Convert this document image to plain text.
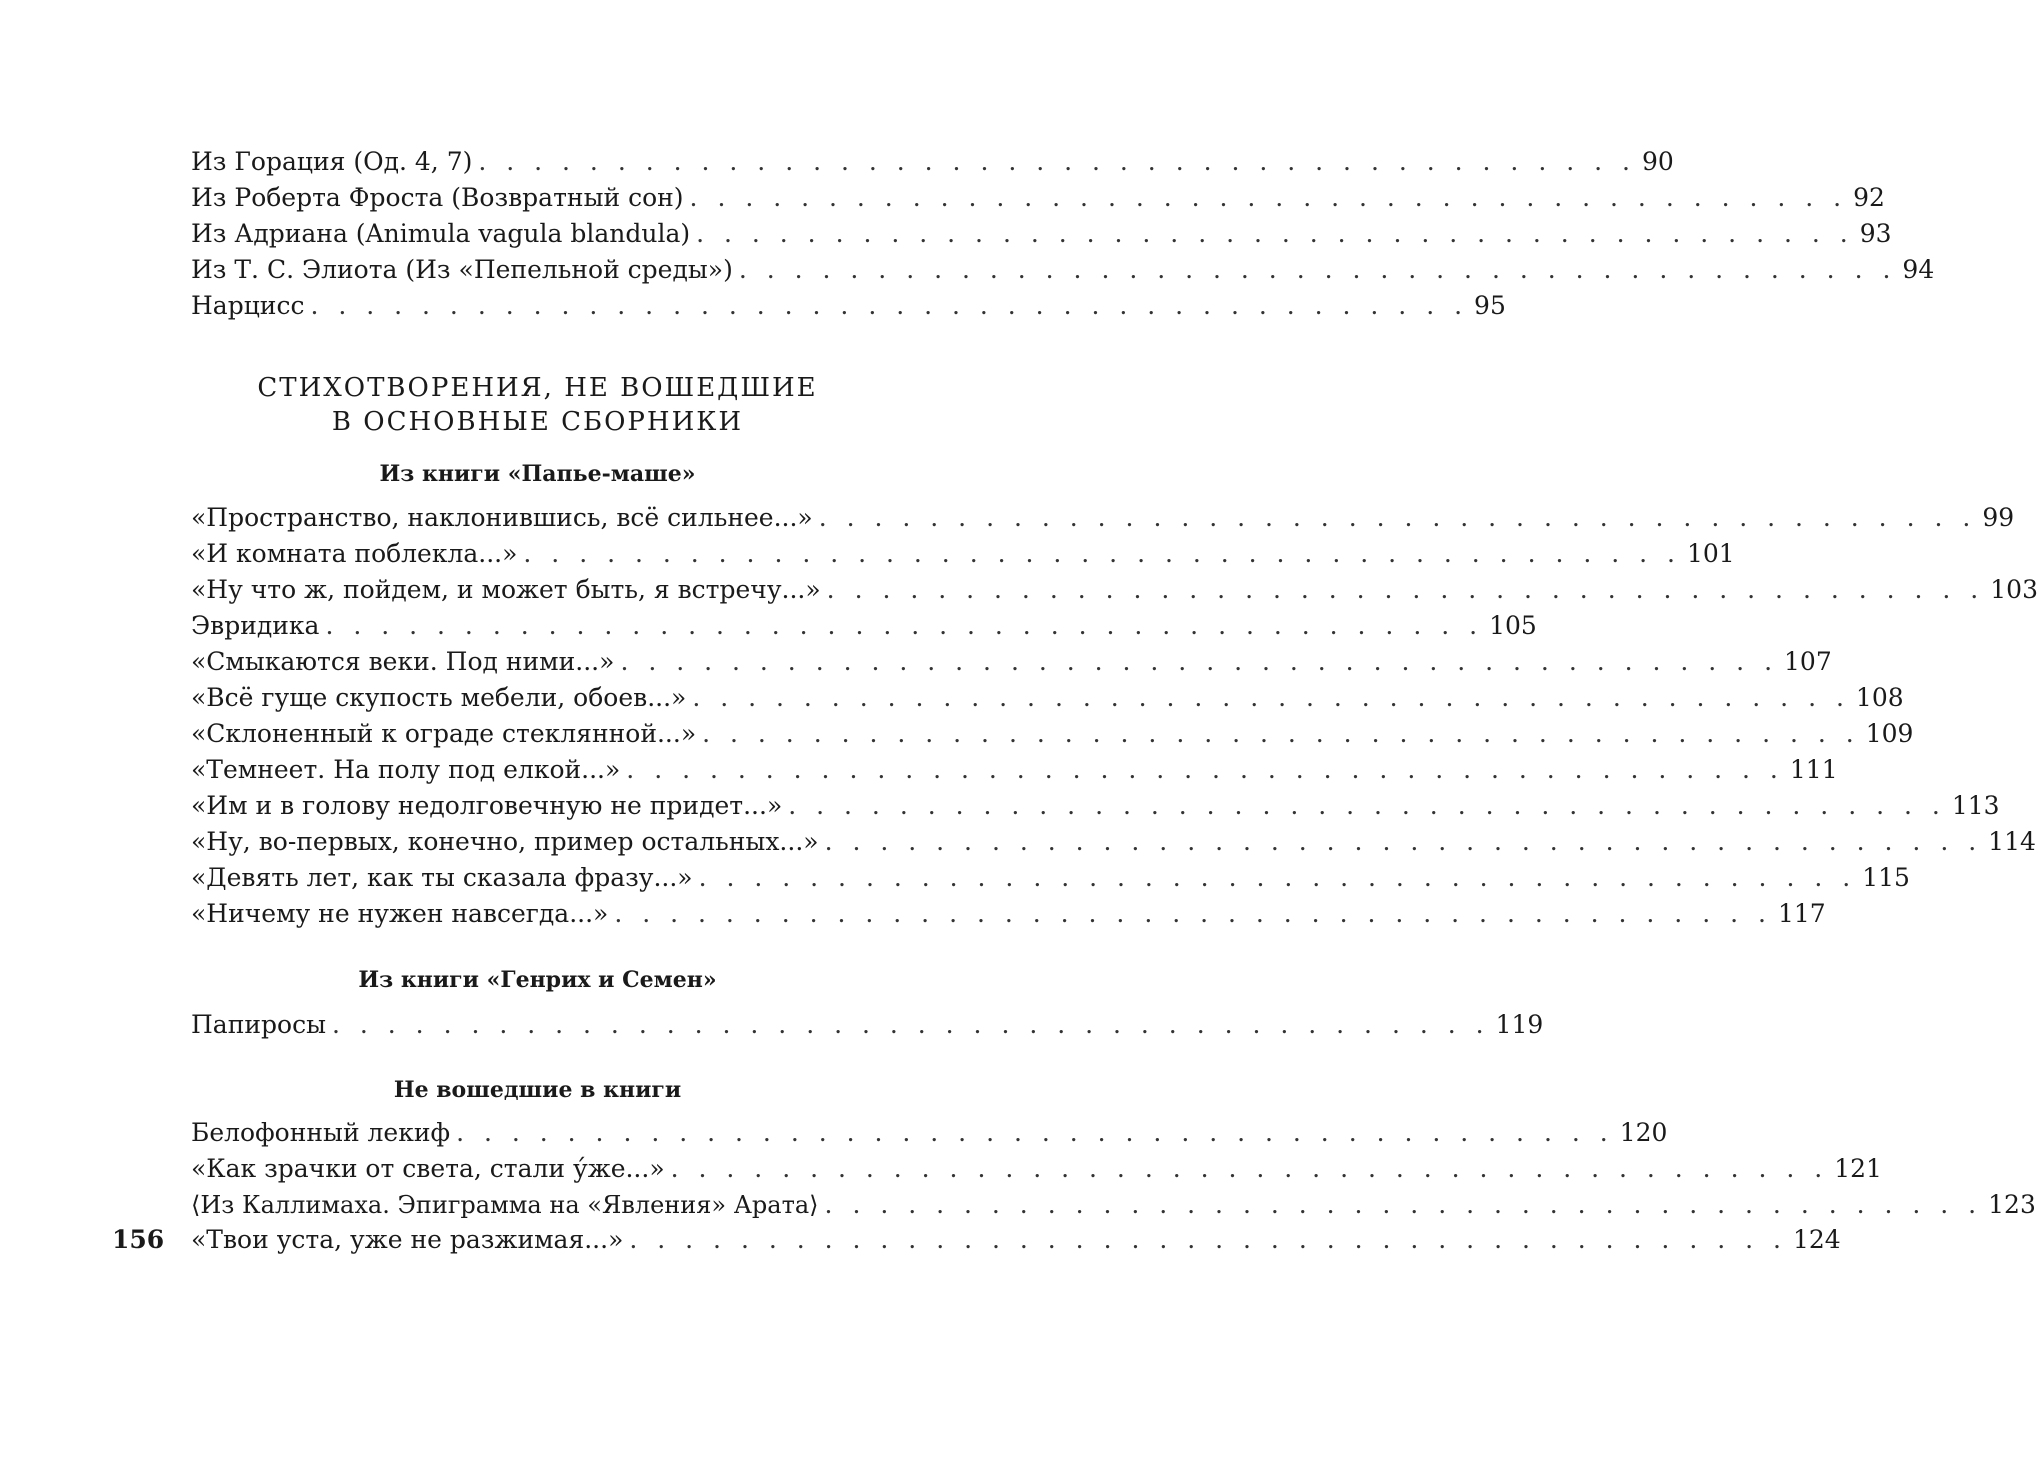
Из Горация (Од. 4, 7) . . . . . . . . . . . . . . . . . . . . . . . . . . . . . . . . . . . . . . . . . . 90
Из Роберта Фроста (Возвратный сон) . . . . . . . . . . . . . . . . . . . . . . . . . . . . . . . . . . . . . . . . . . 92
Из Адриана (Animula vagula blandula) . . . . . . . . . . . . . . . . . . . . . . . . . . . . . . . . . . . . . . . . . . 93
Из Т. С. Элиота (Из «Пепельной среды») . . . . . . . . . . . . . . . . . . . . . . . . . . . . . . . . . . . . . . . . . . 94
Нарцисс . . . . . . . . . . . . . . . . . . . . . . . . . . . . . . . . . . . . . . . . . . 95
СТИХОТВОРЕНИЯ, НЕ ВОШЕДШИЕ
В ОСНОВНЫЕ СБОРНИКИ
Из книги «Папье-маше»
«Пространство, наклонившись, всё сильнее...» . . . . . . . . . . . . . . . . . . . . . . . . . . . . . . . . . . . . . . . . . . 99
«И комната поблекла...» . . . . . . . . . . . . . . . . . . . . . . . . . . . . . . . . . . . . . . . . . . 101
«Ну что ж, пойдем, и может быть, я встречу...» . . . . . . . . . . . . . . . . . . . . . . . . . . . . . . . . . . . . . . . . . . 103
Эвридика . . . . . . . . . . . . . . . . . . . . . . . . . . . . . . . . . . . . . . . . . . 105
«Смыкаются веки. Под ними...» . . . . . . . . . . . . . . . . . . . . . . . . . . . . . . . . . . . . . . . . . . 107
«Всё гуще скупость мебели, обоев...» . . . . . . . . . . . . . . . . . . . . . . . . . . . . . . . . . . . . . . . . . . 108
«Склоненный к ограде стеклянной...» . . . . . . . . . . . . . . . . . . . . . . . . . . . . . . . . . . . . . . . . . . 109
«Темнеет. На полу под елкой...» . . . . . . . . . . . . . . . . . . . . . . . . . . . . . . . . . . . . . . . . . . 111
«Им и в голову недолговечную не придет...» . . . . . . . . . . . . . . . . . . . . . . . . . . . . . . . . . . . . . . . . . . 113
«Ну, во-первых, конечно, пример остальных...» . . . . . . . . . . . . . . . . . . . . . . . . . . . . . . . . . . . . . . . . . . 114
«Девять лет, как ты сказала фразу...» . . . . . . . . . . . . . . . . . . . . . . . . . . . . . . . . . . . . . . . . . . 115
«Ничему не нужен навсегда...» . . . . . . . . . . . . . . . . . . . . . . . . . . . . . . . . . . . . . . . . . . 117
Из книги «Генрих и Семен»
Папиросы . . . . . . . . . . . . . . . . . . . . . . . . . . . . . . . . . . . . . . . . . . 119
Не вошедшие в книги
Белофонный лекиф . . . . . . . . . . . . . . . . . . . . . . . . . . . . . . . . . . . . . . . . . . 120
«Как зрачки от света, стали у́же...» . . . . . . . . . . . . . . . . . . . . . . . . . . . . . . . . . . . . . . . . . . 121
⟨Из Каллимаха. Эпиграмма на «Явления» Арата⟩ . . . . . . . . . . . . . . . . . . . . . . . . . . . . . . . . . . . . . . . . . . 123
«Твои уста, уже не разжимая...» . . . . . . . . . . . . . . . . . . . . . . . . . . . . . . . . . . . . . . . . . . 124
156
